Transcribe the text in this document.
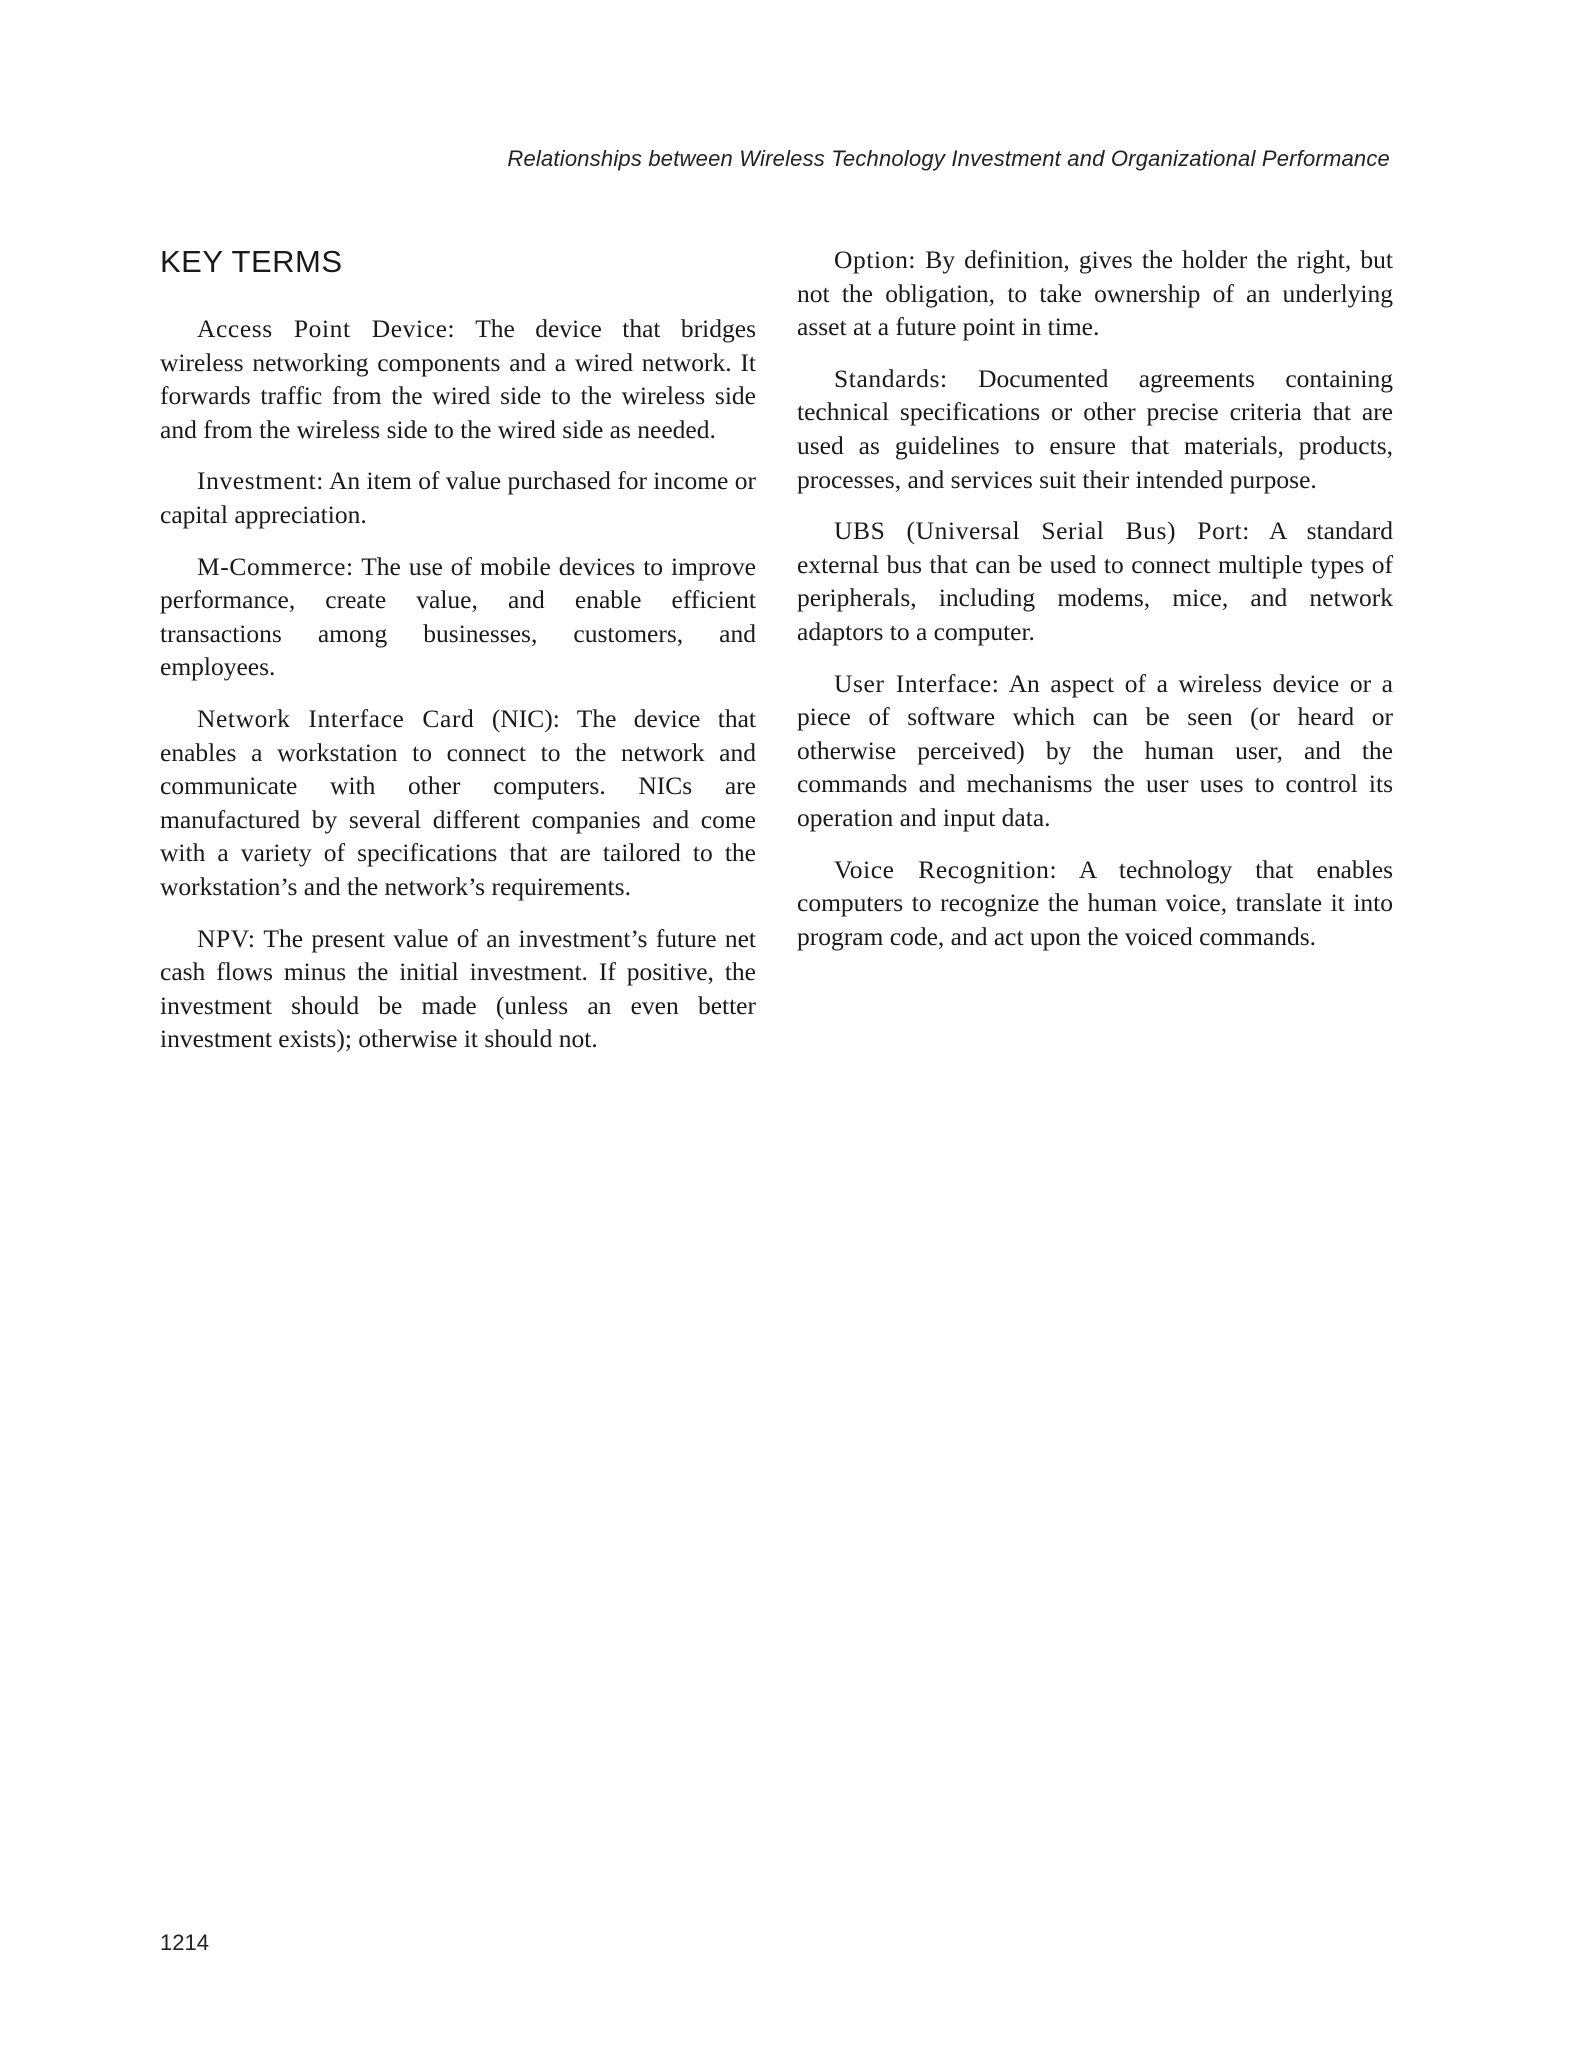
Relationships between Wireless Technology Investment and Organizational Performance
KEY TERMS

Access Point Device: The device that bridges wireless networking components and a wired network. It forwards traffic from the wired side to the wireless side and from the wireless side to the wired side as needed.

Investment: An item of value purchased for income or capital appreciation.

M-Commerce: The use of mobile devices to improve performance, create value, and enable efficient transactions among businesses, customers, and employees.

Network Interface Card (NIC): The device that enables a workstation to connect to the network and communicate with other computers. NICs are manufactured by several different companies and come with a variety of specifications that are tailored to the workstation’s and the network’s requirements.

NPV: The present value of an investment’s future net cash flows minus the initial investment. If positive, the investment should be made (unless an even better investment exists); otherwise it should not.

Option: By definition, gives the holder the right, but not the obligation, to take ownership of an underlying asset at a future point in time.

Standards: Documented agreements containing technical specifications or other precise criteria that are used as guidelines to ensure that materials, products, processes, and services suit their intended purpose.

UBS (Universal Serial Bus) Port: A standard external bus that can be used to connect multiple types of peripherals, including modems, mice, and network adaptors to a computer.

User Interface: An aspect of a wireless device or a piece of software which can be seen (or heard or otherwise perceived) by the human user, and the commands and mechanisms the user uses to control its operation and input data.

Voice Recognition: A technology that enables computers to recognize the human voice, translate it into program code, and act upon the voiced commands.

1214
